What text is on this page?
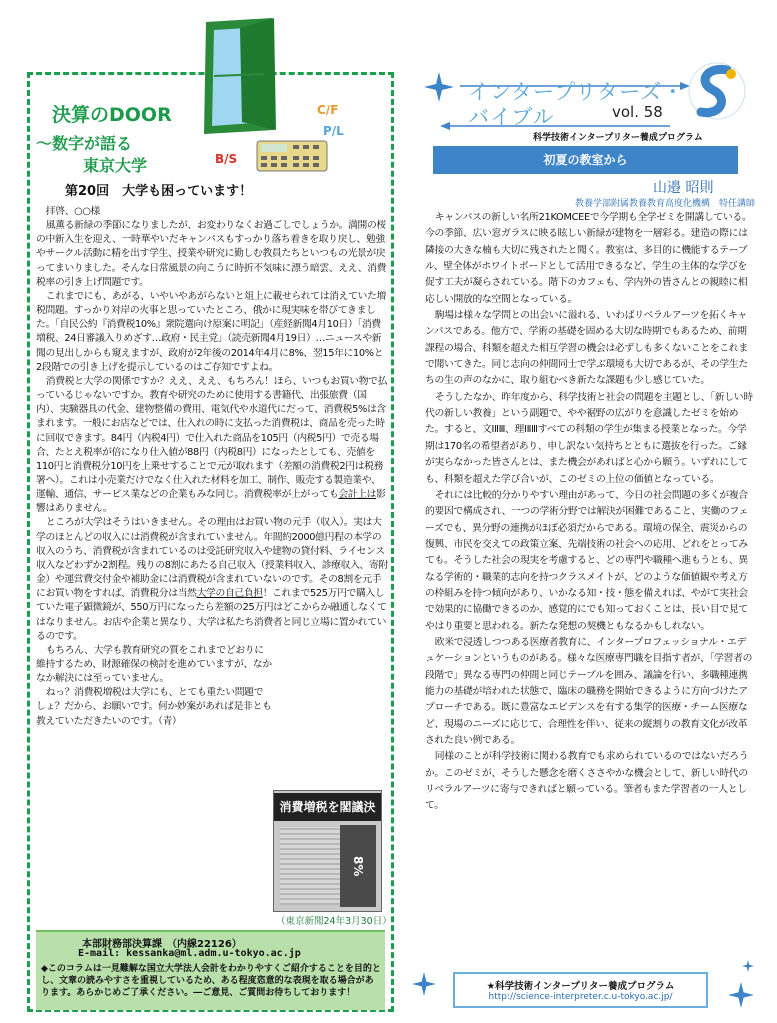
決算のDOOR
～数字が語る
東京大学
C/F
P/L
B/S
第20回　大学も困っています！

拝啓、○○様

風薫る新緑の季節になりましたが、お変わりなくお過ごしでしょうか。満開の桜の中新入生を迎え、一時華やいだキャンパスもすっかり落ち着きを取り戻し、勉強やサークル活動に精を出す学生、授業や研究に勤しむ教員たちといつもの光景が戻ってまいりました。そんな日常風景の向こうに時折不気味に漂う暗雲、ええ、消費税率の引き上げ問題です。

これまでにも、あがる、いやいやあがらないと俎上に載せられては消えていた増税問題。すっかり対岸の火事と思っていたところ、俄かに現実味を帯びてきました。「自民公約『消費税10%』衆院選向け原案に明記」（産経新聞4月10日）「消費増税、24日審議入りめざす…政府・民主党」（読売新聞4月19日）…ニュースや新聞の見出しからも窺えますが、政府が2年後の2014年4月に8%、翌15年に10%と2段階での引き上げを提示しているのはご存知ですよね。

消費税と大学の関係ですか？ええ、ええ、もちろん！ほら、いつもお買い物で払っているじゃないですか。教育や研究のために使用する書籍代、出張旅費（国内）、実験器具の代金、建物整備の費用、電気代や水道代にだって、消費税5%は含まれます。一般にお店などでは、仕入れの時に支払った消費税は、商品を売った時に回収できます。84円（内税4円）で仕入れた商品を105円（内税5円）で売る場合、たとえ税率が倍になり仕入値が88円（内税8円）になったとしても、売値を110円と消費税分10円を上乗せすることで元が取れます（差額の消費税2円は税務署へ）。これは小売業だけでなく仕入れた材料を加工、制作、販売する製造業や、運輸、通信、サービス業などの企業もみな同じ。消費税率が上がっても会計上は影響はありません。

ところが大学はそうはいきません。その理由はお買い物の元手（収入）。実は大学のほとんどの収入には消費税が含まれていません。年間約2000億円程の本学の収入のうち、消費税が含まれているのは受託研究収入や建物の貸付料、ライセンス収入などわずか2割程。残りの8割にあたる自己収入（授業料収入、診療収入、寄附金）や運営費交付金や補助金には消費税が含まれていないのです。その8割を元手にお買い物をすれば、消費税分は当然大学の自己負担！これまで525万円で購入していた電子顕微鏡が、550万円になったら差額の25万円はどこからか融通しなくてはなりません。お店や企業と異なり、大学は私たち消費者と同じ立場に置かれているのです。

もちろん、大学も教育研究の質をこれまでどおりに維持するため、財源確保の検討を進めていますが、なかなか解決には至っていません。

ねっ？消費税増税は大学にも、とても重たい問題でしょ？だから、お願いです。何か妙案があれば是非とも教えていただきたいのです。（青）

消費増税を閣議決
8%
（東京新聞24年3月30日）
本部財務部決算課　（内線22126）
E-mail: kessanka@ml.adm.u-tokyo.ac.jp
◆このコラムは一見難解な国立大学法人会計をわかりやすくご紹介することを目的とし、文章の読みやすさを重視しているため、ある程度恣意的な表現を取る場合があります。あらかじめご了承ください。―ご意見、ご質問お待ちしております！
インタープリターズ・
バイブル	vol. 58
科学技術インタープリター養成プログラム
初夏の教室から
山邉 昭則
教養学部附属教養教育高度化機構　特任講師

キャンパスの新しい名所21KOMCEEで今学期も全学ゼミを開講している。今の季節、広い窓ガラスに映る眩しい新緑が建物を一層彩る。建造の際には隣接の大きな楠も大切に残されたと聞く。教室は、多目的に機能するテーブル、壁全体がホワイトボードとして活用できるなど、学生の主体的な学びを促す工夫が凝らされている。階下のカフェも、学内外の皆さんとの親睦に相応しい開放的な空間となっている。

駒場は様々な学問との出会いに溢れる、いわばリベラルアーツを拓くキャンパスである。他方で、学術の基礎を固める大切な時期でもあるため、前期課程の場合、科類を超えた相互学習の機会は必ずしも多くないことをこれまで聞いてきた。同じ志向の仲間同士で学ぶ環境も大切であるが、その学生たちの生の声のなかに、取り組むべき新たな課題も少し感じていた。

そうしたなか、昨年度から、科学技術と社会の問題を主題とし、「新しい時代の新しい教養」という副題で、やや裾野の広がりを意識したゼミを始めた。すると、文ⅠⅡⅢ、理ⅠⅡⅢすべての科類の学生が集まる授業となった。今学期は170名の希望者があり、申し訳ない気持ちとともに選抜を行った。ご縁が実らなかった皆さんとは、また機会があればと心から願う。いずれにしても、科類を超えた学び合いが、このゼミの上位の価値となっている。

それには比較的分かりやすい理由があって、今日の社会問題の多くが複合的要因で構成され、一つの学術分野では解決が困難であること、実働のフェーズでも、異分野の連携がほぼ必須だからである。環境の保全、震災からの復興、市民を交えての政策立案、先端技術の社会への応用、どれをとってみても。そうした社会の現実を考慮すると、どの専門や職種へ進もうとも、異なる学術的・職業的志向を持つクラスメイトが、どのような価値観や考え方の枠組みを持つ傾向があり、いかなる知・技・態を備えれば、やがて実社会で効果的に協働できるのか、感覚的にでも知っておくことは、長い目で見てやはり重要と思われる。新たな発想の契機ともなるかもしれない。

欧米で浸透しつつある医療者教育に、インタープロフェッショナル・エデュケーションというものがある。様々な医療専門職を目指す者が、「学習者の段階で」異なる専門の仲間と同じテーブルを囲み、議論を行い、多職種連携能力の基礎が培われた状態で、臨床の職務を開始できるように方向づけたアプローチである。既に豊富なエビデンスを有する集学的医療・チーム医療など、現場のニーズに応じて、合理性を伴い、従来の縦割りの教育文化が改革された良い例である。

同様のことが科学技術に関わる教育でも求められているのではないだろうか。このゼミが、そうした懸念を磨くささやかな機会として、新しい時代のリベラルアーツに寄与できればと願っている。筆者もまた学習者の一人として。

★科学技術インタープリター養成プログラム
http://science-interpreter.c.u-tokyo.ac.jp/
